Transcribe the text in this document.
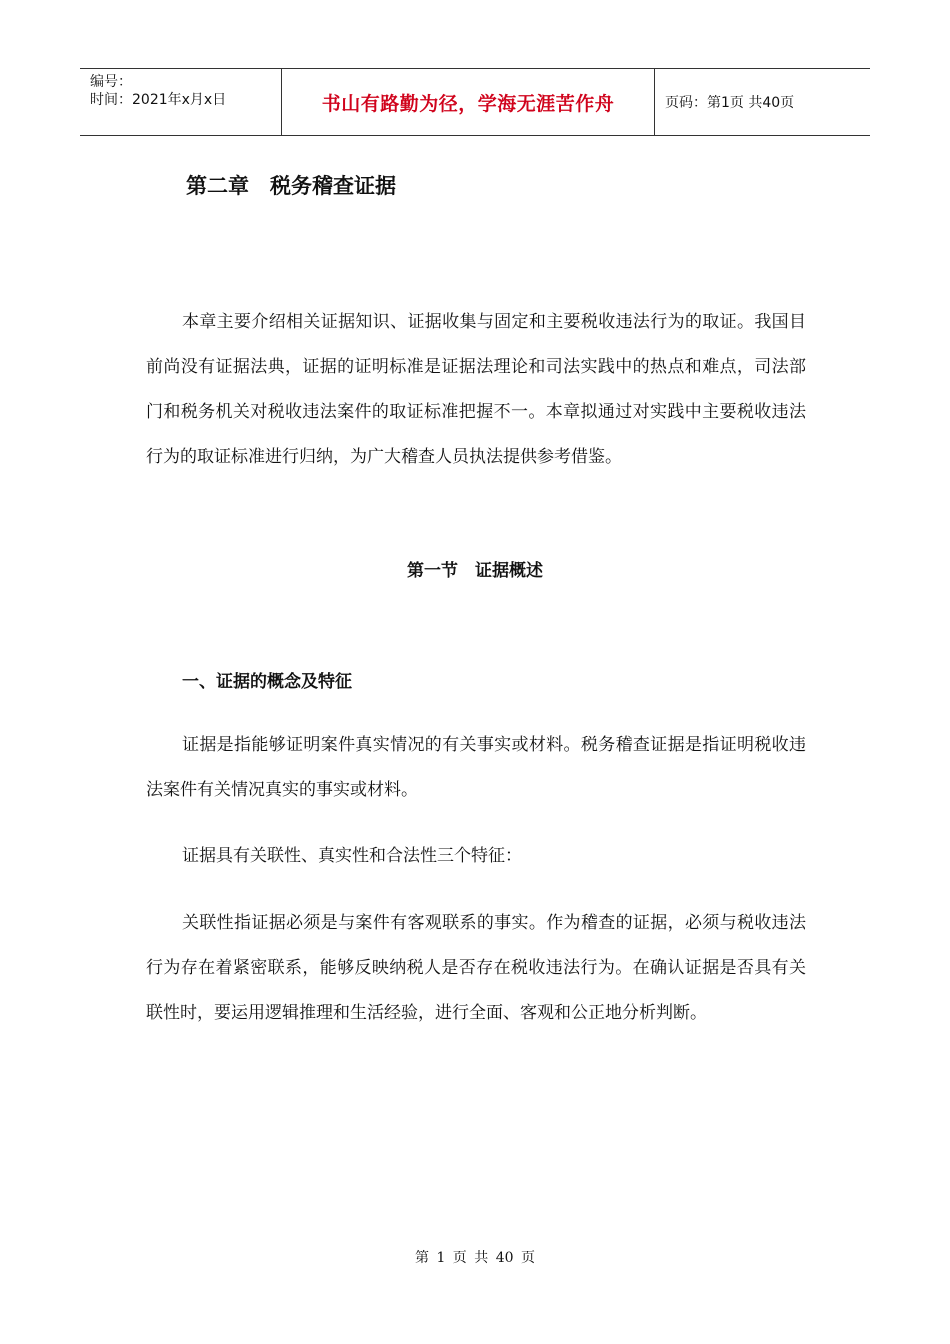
编号：
时间：2021年x月x日	书山有路勤为径，学海无涯苦作舟	页码：第1页 共40页
第二章　税务稽查证据

本章主要介绍相关证据知识、证据收集与固定和主要税收违法行为的取证。我国目前尚没有证据法典，证据的证明标准是证据法理论和司法实践中的热点和难点，司法部门和税务机关对税收违法案件的取证标准把握不一。本章拟通过对实践中主要税收违法行为的取证标准进行归纳，为广大稽查人员执法提供参考借鉴。

第一节　证据概述
一、证据的概念及特征

证据是指能够证明案件真实情况的有关事实或材料。税务稽查证据是指证明税收违法案件有关情况真实的事实或材料。

证据具有关联性、真实性和合法性三个特征：

关联性指证据必须是与案件有客观联系的事实。作为稽查的证据，必须与税收违法行为存在着紧密联系，能够反映纳税人是否存在税收违法行为。在确认证据是否具有关联性时，要运用逻辑推理和生活经验，进行全面、客观和公正地分析判断。

第 1 页 共 40 页
